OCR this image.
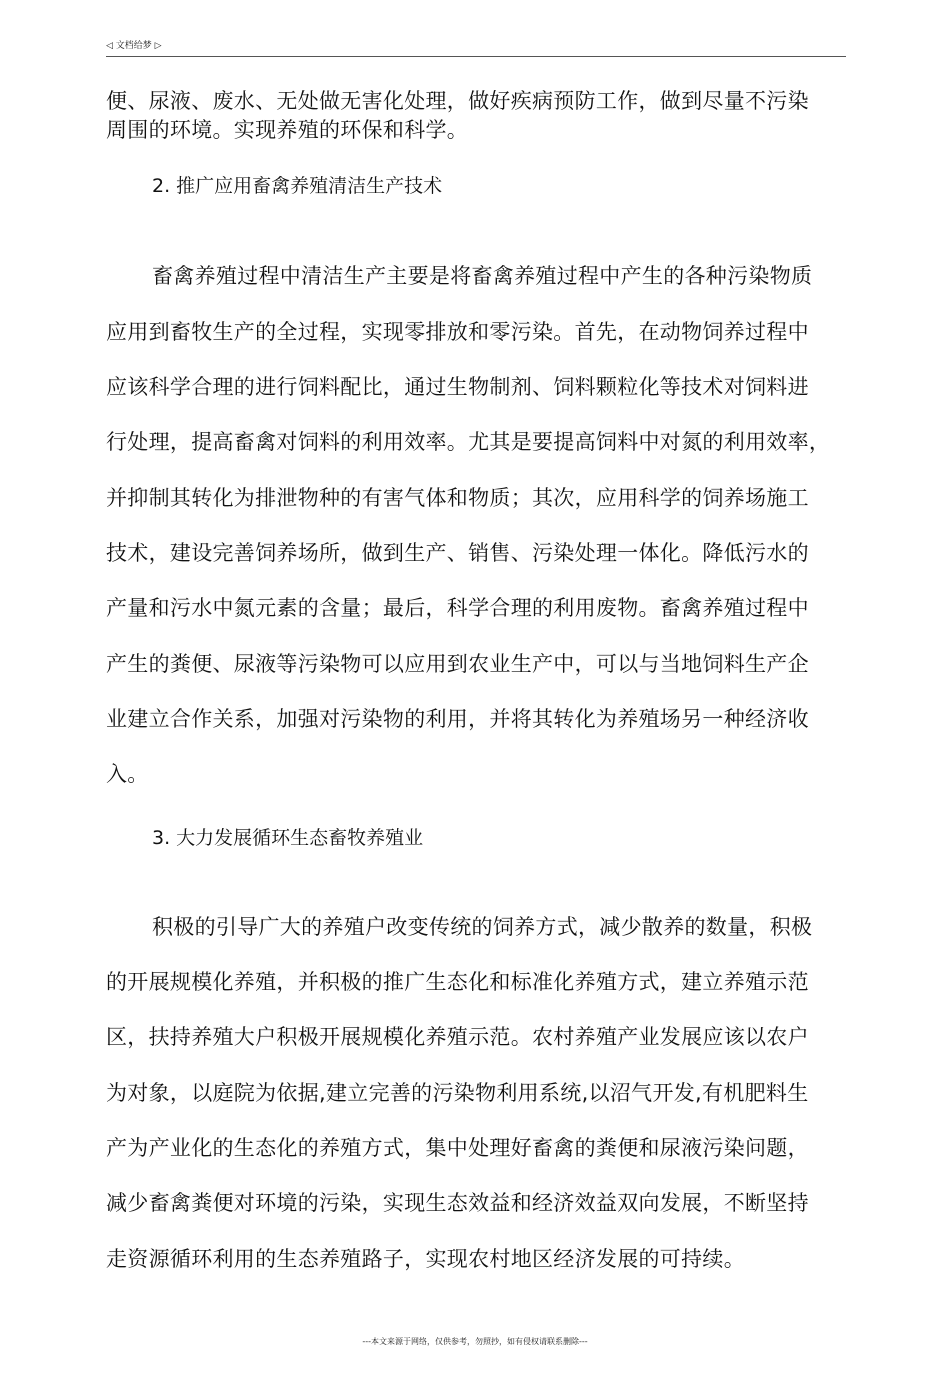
◁ 文档给梦 ▷
便、尿液、废水、无处做无害化处理，做好疾病预防工作，做到尽量不污染
周围的环境。实现养殖的环保和科学。
2. 推广应用畜禽养殖清洁生产技术
畜禽养殖过程中清洁生产主要是将畜禽养殖过程中产生的各种污染物质
应用到畜牧生产的全过程，实现零排放和零污染。首先，在动物饲养过程中
应该科学合理的进行饲料配比，通过生物制剂、饲料颗粒化等技术对饲料进
行处理，提高畜禽对饲料的利用效率。尤其是要提高饲料中对氮的利用效率，
并抑制其转化为排泄物种的有害气体和物质；其次，应用科学的饲养场施工
技术，建设完善饲养场所，做到生产、销售、污染处理一体化。降低污水的
产量和污水中氮元素的含量；最后，科学合理的利用废物。畜禽养殖过程中
产生的粪便、尿液等污染物可以应用到农业生产中，可以与当地饲料生产企
业建立合作关系，加强对污染物的利用，并将其转化为养殖场另一种经济收
入。
3. 大力发展循环生态畜牧养殖业
积极的引导广大的养殖户改变传统的饲养方式，减少散养的数量，积极
的开展规模化养殖，并积极的推广生态化和标准化养殖方式，建立养殖示范
区，扶持养殖大户积极开展规模化养殖示范。农村养殖产业发展应该以农户
为对象，以庭院为依据,建立完善的污染物利用系统,以沼气开发,有机肥料生
产为产业化的生态化的养殖方式，集中处理好畜禽的粪便和尿液污染问题，
减少畜禽粪便对环境的污染，实现生态效益和经济效益双向发展，不断坚持
走资源循环利用的生态养殖路子，实现农村地区经济发展的可持续。
---本文来源于网络，仅供参考，勿照抄，如有侵权请联系删除---
